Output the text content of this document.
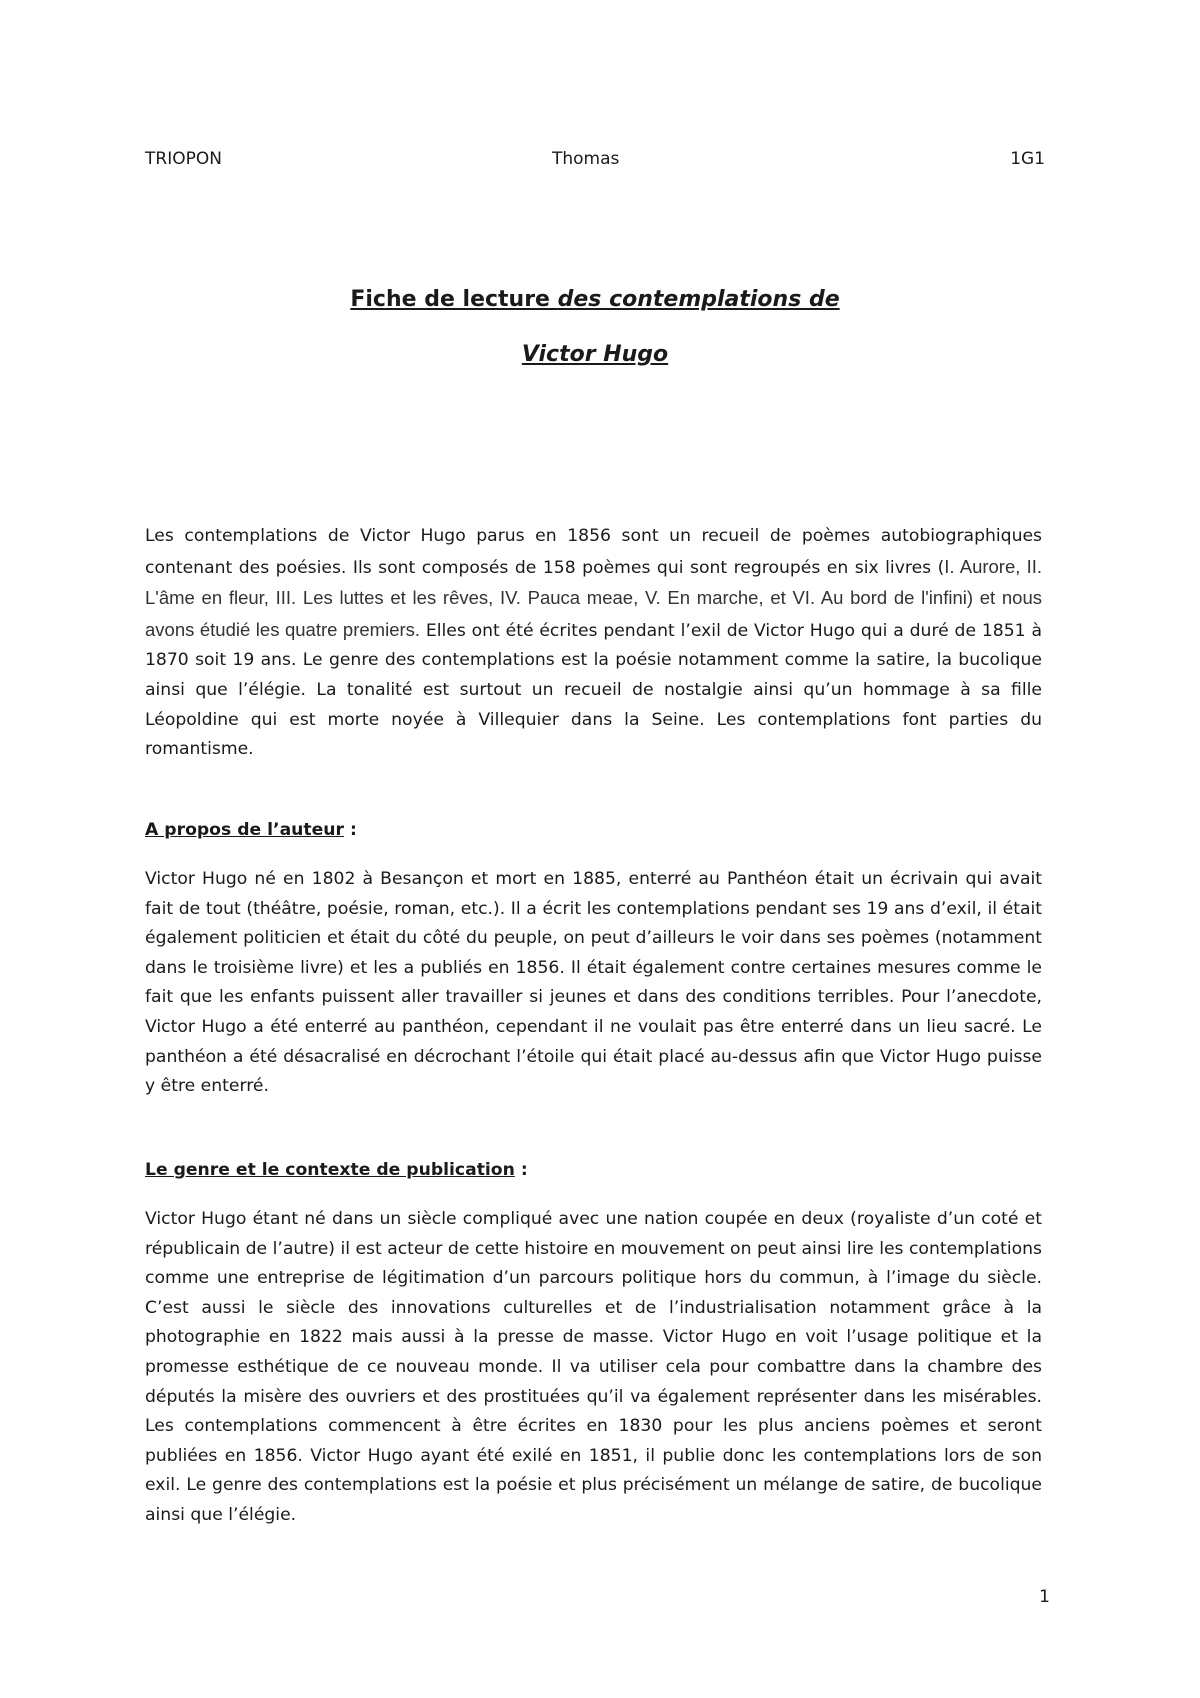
TRIOPON	Thomas	1G1
Fiche de lecture des contemplations de
Victor Hugo

Les contemplations de Victor Hugo parus en 1856 sont un recueil de poèmes autobiographiques contenant des poésies. Ils sont composés de 158 poèmes qui sont regroupés en six livres (I. Aurore, II. L'âme en fleur, III. Les luttes et les rêves, IV. Pauca meae, V. En marche, et VI. Au bord de l'infini) et nous avons étudié les quatre premiers. Elles ont été écrites pendant l’exil de Victor Hugo qui a duré de 1851 à 1870 soit 19 ans. Le genre des contemplations est la poésie notamment comme la satire, la bucolique ainsi que l’élégie. La tonalité est surtout un recueil de nostalgie ainsi qu’un hommage à sa fille Léopoldine qui est morte noyée à Villequier dans la Seine. Les contemplations font parties du romantisme.

A propos de l’auteur :

Victor Hugo né en 1802 à Besançon et mort en 1885, enterré au Panthéon était un écrivain qui avait fait de tout (théâtre, poésie, roman, etc.). Il a écrit les contemplations pendant ses 19 ans d’exil, il était également politicien et était du côté du peuple, on peut d’ailleurs le voir dans ses poèmes (notamment dans le troisième livre) et les a publiés en 1856. Il était également contre certaines mesures comme le fait que les enfants puissent aller travailler si jeunes et dans des conditions terribles. Pour l’anecdote, Victor Hugo a été enterré au panthéon, cependant il ne voulait pas être enterré dans un lieu sacré. Le panthéon a été désacralisé en décrochant l’étoile qui était placé au-dessus afin que Victor Hugo puisse y être enterré.

Le genre et le contexte de publication :

Victor Hugo étant né dans un siècle compliqué avec une nation coupée en deux (royaliste d’un coté et républicain de l’autre) il est acteur de cette histoire en mouvement on peut ainsi lire les contemplations comme une entreprise de légitimation d’un parcours politique hors du commun, à l’image du siècle. C’est aussi le siècle des innovations culturelles et de l’industrialisation notamment grâce à la photographie en 1822 mais aussi à la presse de masse. Victor Hugo en voit l’usage politique et la promesse esthétique de ce nouveau monde. Il va utiliser cela pour combattre dans la chambre des députés la misère des ouvriers et des prostituées qu’il va également représenter dans les misérables. Les contemplations commencent à être écrites en 1830 pour les plus anciens poèmes et seront publiées en 1856. Victor Hugo ayant été exilé en 1851, il publie donc les contemplations lors de son exil. Le genre des contemplations est la poésie et plus précisément un mélange de satire, de bucolique ainsi que l’élégie.

1
